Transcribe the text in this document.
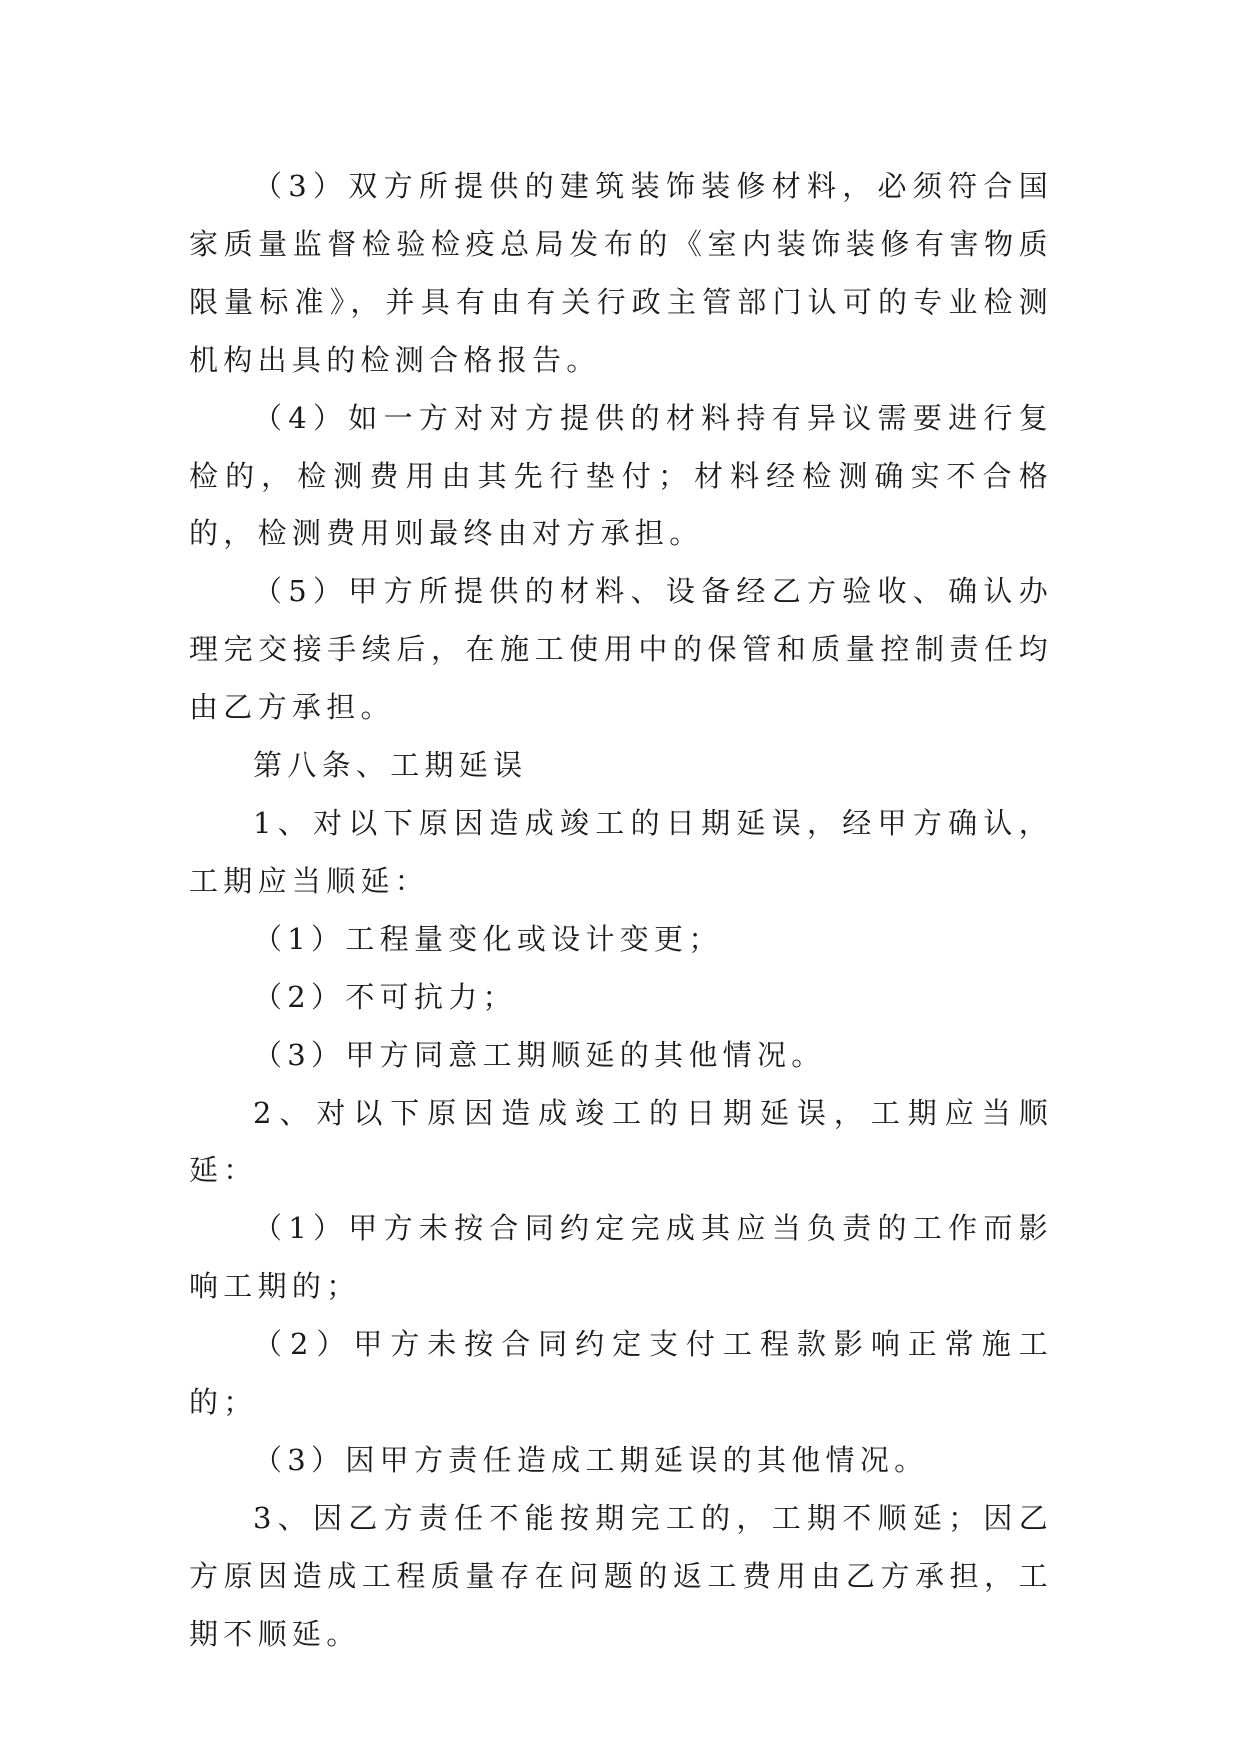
（3）双方所提供的建筑装饰装修材料，必须符合国家质量监督检验检疫总局发布的《室内装饰装修有害物质限量标准》，并具有由有关行政主管部门认可的专业检测机构出具的检测合格报告。

（4）如一方对对方提供的材料持有异议需要进行复检的，检测费用由其先行垫付；材料经检测确实不合格的，检测费用则最终由对方承担。

（5）甲方所提供的材料、设备经乙方验收、确认办理完交接手续后，在施工使用中的保管和质量控制责任均由乙方承担。

第八条、工期延误

1、对以下原因造成竣工的日期延误，经甲方确认，工期应当顺延：

（1）工程量变化或设计变更；

（2）不可抗力；

（3）甲方同意工期顺延的其他情况。

2、对以下原因造成竣工的日期延误，工期应当顺延：

（1）甲方未按合同约定完成其应当负责的工作而影响工期的；

（2）甲方未按合同约定支付工程款影响正常施工的；

（3）因甲方责任造成工期延误的其他情况。

3、因乙方责任不能按期完工的，工期不顺延；因乙方原因造成工程质量存在问题的返工费用由乙方承担，工期不顺延。
